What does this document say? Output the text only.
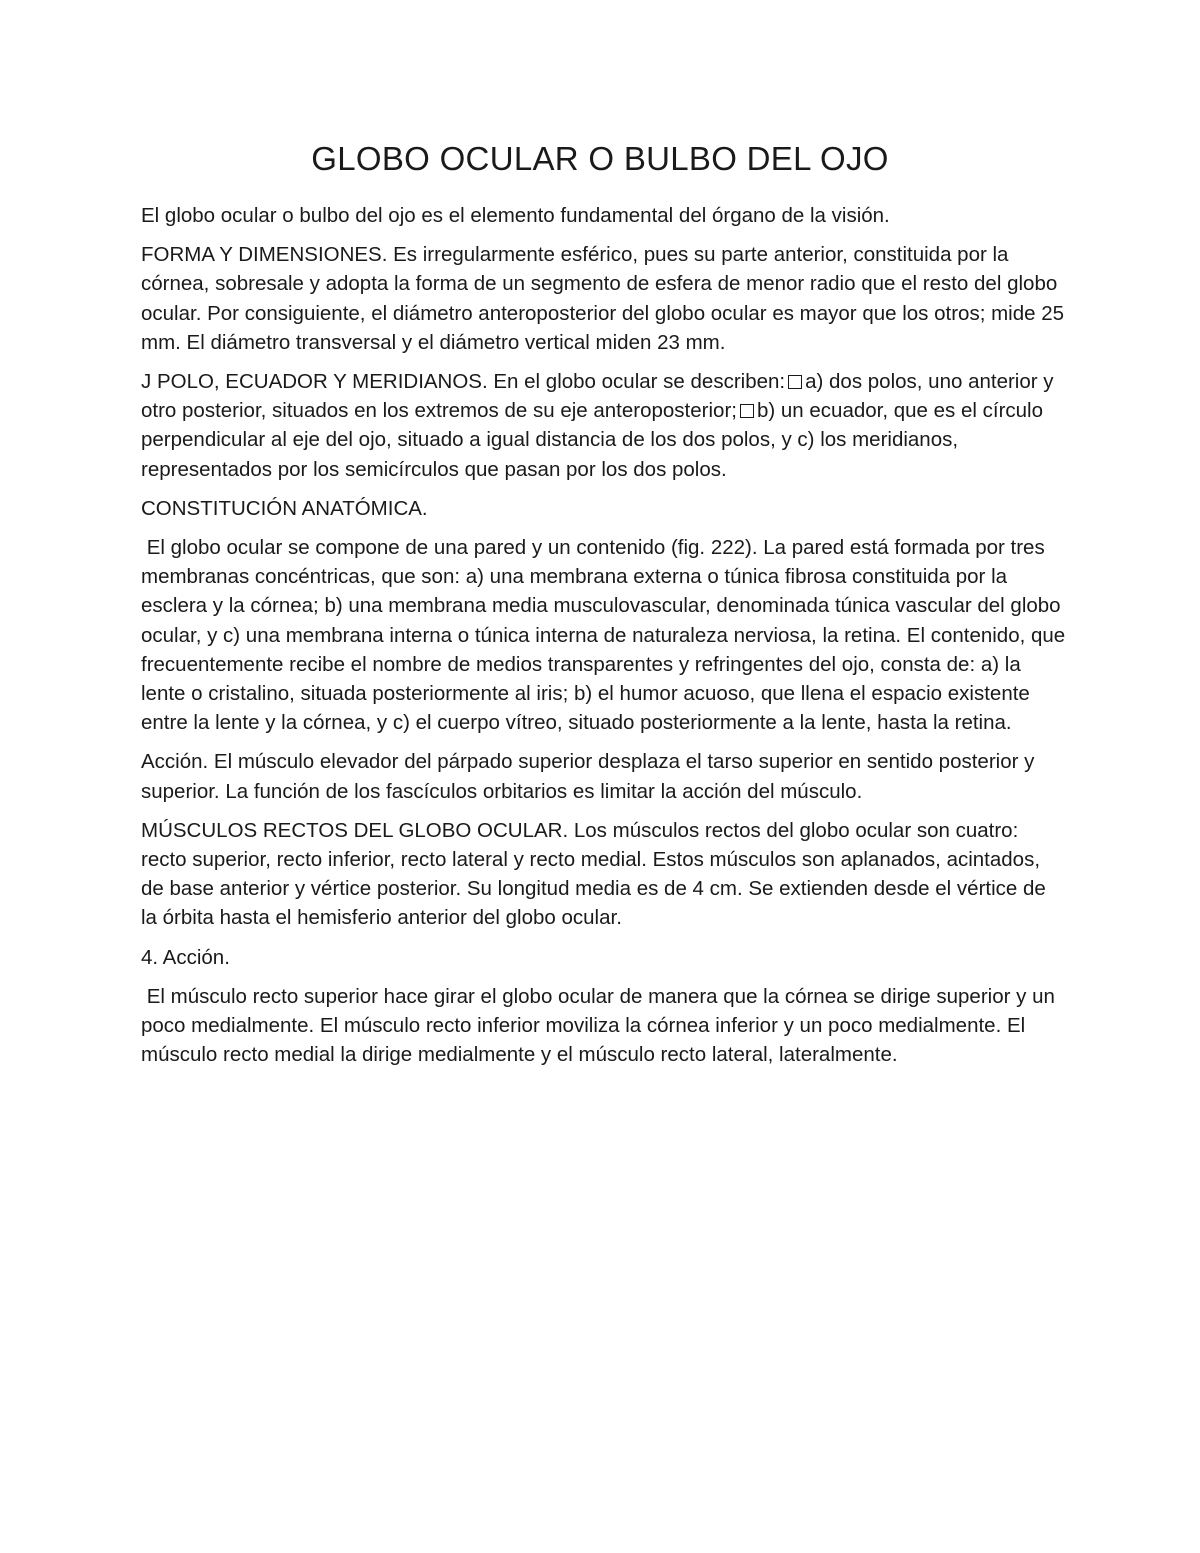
GLOBO OCULAR O BULBO DEL OJO

El globo ocular o bulbo del ojo es el elemento fundamental del órgano de la visión.

FORMA Y DIMENSIONES. Es irregularmente esférico, pues su parte anterior, constituida por la córnea, sobresale y adopta la forma de un segmento de esfera de menor radio que el resto del globo ocular. Por consiguiente, el diámetro anteroposterior del globo ocular es mayor que los otros; mide 25 mm. El diámetro transversal y el diámetro vertical miden 23 mm.

J POLO, ECUADOR Y MERIDIANOS. En el globo ocular se describen: a) dos polos, uno anterior y otro posterior, situados en los extremos de su eje anteroposterior; b) un ecuador, que es el círculo perpendicular al eje del ojo, situado a igual distancia de los dos polos, y c) los meridianos, representados por los semicírculos que pasan por los dos polos.

CONSTITUCIÓN ANATÓMICA.

El globo ocular se compone de una pared y un contenido (fig. 222). La pared está formada por tres membranas concéntricas, que son: a) una membrana externa o túnica fibrosa constituida por la esclera y la córnea; b) una membrana media musculovascular, denominada túnica vascular del globo ocular, y c) una membrana interna o túnica interna de naturaleza nerviosa, la retina. El contenido, que frecuentemente recibe el nombre de medios transparentes y refringentes del ojo, consta de: a) la lente o cristalino, situada posteriormente al iris; b) el humor acuoso, que llena el espacio existente entre la lente y la córnea, y c) el cuerpo vítreo, situado posteriormente a la lente, hasta la retina.

Acción. El músculo elevador del párpado superior desplaza el tarso superior en sentido posterior y superior. La función de los fascículos orbitarios es limitar la acción del músculo.

MÚSCULOS RECTOS DEL GLOBO OCULAR. Los músculos rectos del globo ocular son cuatro: recto superior, recto inferior, recto lateral y recto medial. Estos músculos son aplanados, acintados, de base anterior y vértice posterior. Su longitud media es de 4 cm. Se extienden desde el vértice de la órbita hasta el hemisferio anterior del globo ocular.

4. Acción.

El músculo recto superior hace girar el globo ocular de manera que la córnea se dirige superior y un poco medialmente. El músculo recto inferior moviliza la córnea inferior y un poco medialmente. El músculo recto medial la dirige medialmente y el músculo recto lateral, lateralmente.
